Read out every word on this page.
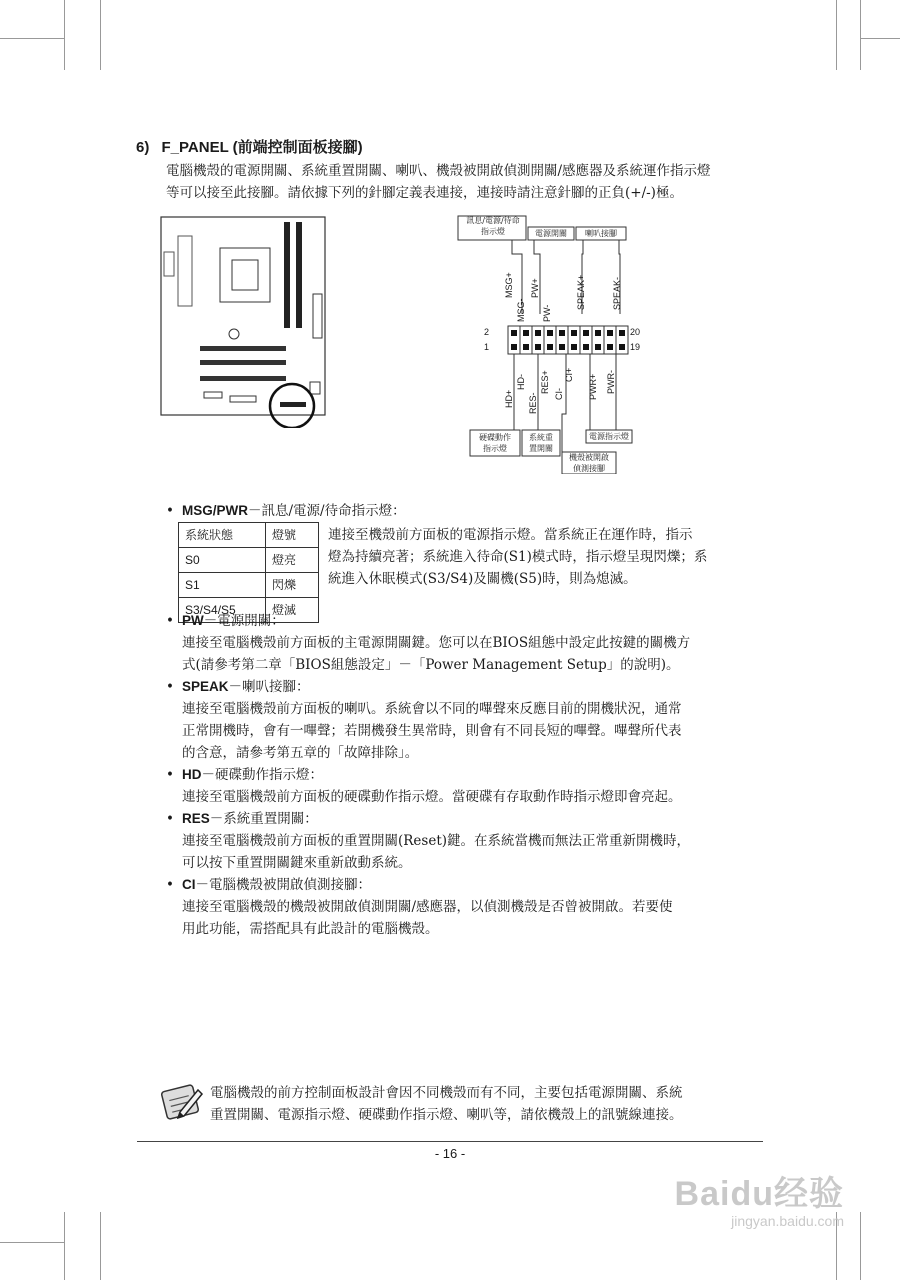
6) F_PANEL (前端控制面板接腳)

電腦機殼的電源開關、系統重置開關、喇叭、機殼被開啟偵測開關/感應器及系統運作指示燈

等可以接至此接腳。請依據下列的針腳定義表連接，連接時請注意針腳的正負(+/-)極。

訊息/電源/待命
指示燈	電源開關	喇叭接腳
2
1
20
19
MSG+
MSG-
PW+
PW-
SPEAK+	SPEAK-
HD+
HD-
RES-
RES+ CI-
CI+ PWR+ PWR-
硬碟動作
指示燈
系統重
置開關
機殼被開啟
偵測接腳
電源指示燈
• MSG/PWR－訊息/電源/待命指示燈：
系統狀態	燈號
S0	燈亮
S1	閃爍
S3/S4/S5	燈滅

連接至機殼前方面板的電源指示燈。當系統正在運作時，指示

燈為持續亮著；系統進入待命(S1)模式時，指示燈呈現閃爍；系

統進入休眠模式(S3/S4)及關機(S5)時，則為熄滅。

• PW－電源開關：

連接至電腦機殼前方面板的主電源開關鍵。您可以在BIOS組態中設定此按鍵的關機方

式(請參考第二章「BIOS組態設定」－「Power Management Setup」的說明)。

• SPEAK－喇叭接腳：

連接至電腦機殼前方面板的喇叭。系統會以不同的嗶聲來反應目前的開機狀況，通常

正常開機時，會有一嗶聲；若開機發生異常時，則會有不同長短的嗶聲。嗶聲所代表

的含意，請參考第五章的「故障排除」。

• HD－硬碟動作指示燈：

連接至電腦機殼前方面板的硬碟動作指示燈。當硬碟有存取動作時指示燈即會亮起。

• RES－系統重置開關：

連接至電腦機殼前方面板的重置開關(Reset)鍵。在系統當機而無法正常重新開機時，

可以按下重置開關鍵來重新啟動系統。

• CI－電腦機殼被開啟偵測接腳：

連接至電腦機殼的機殼被開啟偵測開關/感應器，以偵測機殼是否曾被開啟。若要使

用此功能，需搭配具有此設計的電腦機殼。

電腦機殼的前方控制面板設計會因不同機殼而有不同，主要包括電源開關、系統

重置開關、電源指示燈、硬碟動作指示燈、喇叭等，請依機殼上的訊號線連接。

- 16 -
Baidu经验
jingyan.baidu.com
